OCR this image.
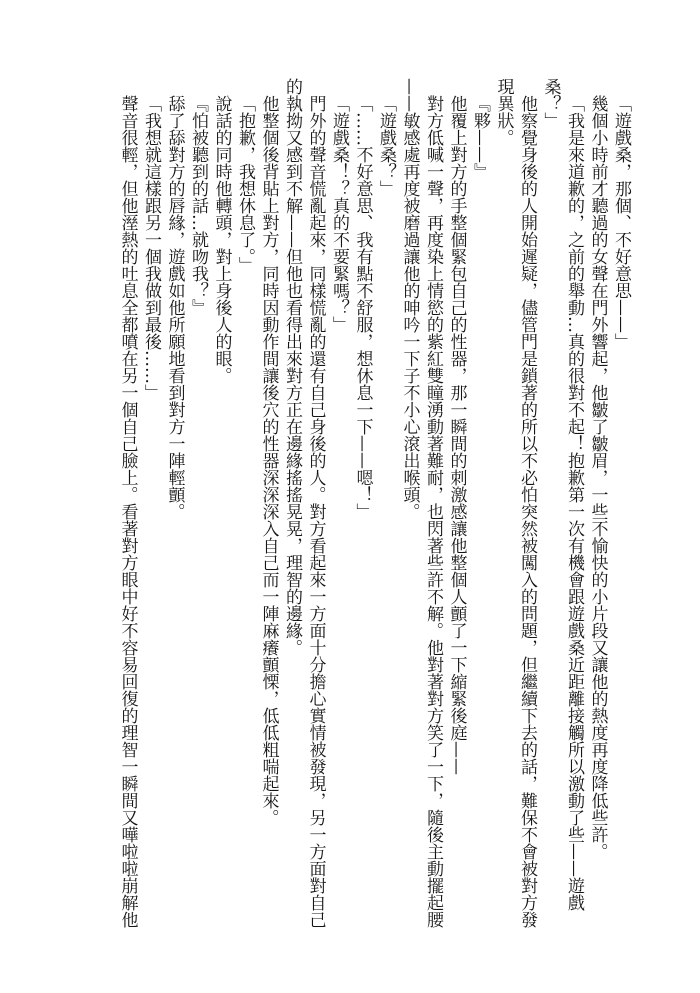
「遊戲桑，那個、不好意思——」
幾個小時前才聽過的女聲在門外響起，他皺了皺眉，一些不愉快的小片段又讓他的熱度再度降低些許。
「我是來道歉的，之前的舉動…真的很對不起！抱歉第一次有機會跟遊戲桑近距離接觸所以激動了些——遊戲
桑？」
他察覺身後的人開始遲疑，儘管門是鎖著的所以不必怕突然被闖入的問題，但繼續下去的話，難保不會被對方發
現異狀。
『夥——』
他覆上對方的手整個緊包自己的性器，那一瞬間的刺激感讓他整個人顫了一下縮緊後庭——
對方低喊一聲，再度染上情慾的紫紅雙瞳湧動著難耐，也閃著些許不解。他對著對方笑了一下，隨後主動擺起腰
——敏感處再度被磨過讓他的呻吟一下子不小心滾出喉頭。
「遊戲桑？」
「……不好意思、我有點不舒服，想休息一下——嗯！」
「遊戲桑！？真的不要緊嗎？」
門外的聲音慌亂起來，同樣慌亂的還有自己身後的人。對方看起來一方面十分擔心實情被發現，另一方面對自己
的執拗又感到不解——但他也看得出來對方正在邊緣搖搖晃晃，理智的邊緣。
他整個後背貼上對方，同時因動作間讓後穴的性器深深深入自己而一陣麻癢顫慄，低低粗喘起來。
「抱歉，我想休息了。」
說話的同時他轉頭，對上身後人的眼。
『怕被聽到的話…就吻我？』
舔了舔對方的唇緣，遊戲如他所願地看到對方一陣輕顫。
「我想就這樣跟另一個我做到最後……」
聲音很輕，但他溼熱的吐息全都噴在另一個自己臉上。看著對方眼中好不容易回復的理智一瞬間又嘩啦啦崩解他
